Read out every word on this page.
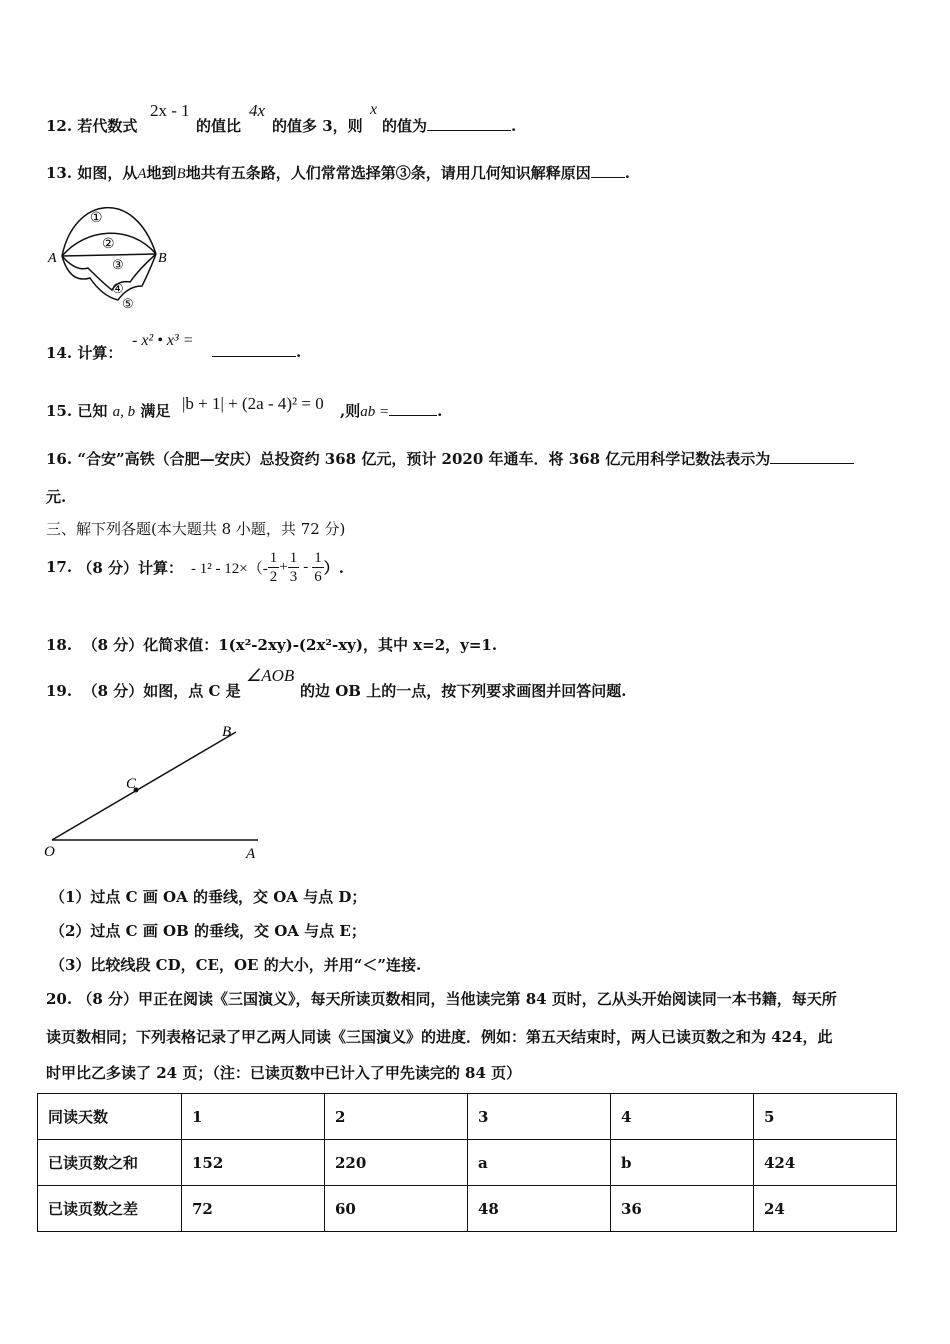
12. 若代数式
2x - 1
的值比
4x
的值多 3，则
x
的值为	.
13. 如图，从A地到B地共有五条路，人们常常选择第③条，请用几何知识解释原因 .
A	B
①
②
③
④
⑤
14. 计算：
- x² • x³ =
.
15. 已知 a, b 满足 |b + 1| + (2a - 4)² = 0 ,则ab =	.
16. “合安”高铁（合肥—安庆）总投资约 368 亿元，预计 2020 年通车．将 368 亿元用科学记数法表示为
元.
三、解下列各题(本大题共 8 小题，共 72 分)
17.
（8 分） 计算： - $1^2 - 12\times(- \frac{1}{2} + \frac{1}{3} - \frac{1}{6}$ ）.
18. （8 分）化简求值：1(x²-2xy)-(2x²-xy)，其中 x=2，y=1.
19. （8 分）如图，点 C 是
∠AOB
的边 OB 上的一点，按下列要求画图并回答问题.
O	A
B
C
（1）过点 C 画 OA 的垂线，交 OA 与点 D；
（2）过点 C 画 OB 的垂线，交 OA 与点 E；
（3）比较线段 CD，CE，OE 的大小，并用“＜”连接.
20. （8 分）甲正在阅读《三国演义》，每天所读页数相同，当他读完第 84 页时，乙从头开始阅读同一本书籍，每天所
读页数相同；下列表格记录了甲乙两人同读《三国演义》的进度．例如：第五天结束时，两人已读页数之和为 424，此
时甲比乙多读了 24 页；（注：已读页数中已计入了甲先读完的 84 页）
同读天数	1	2	3	4	5
已读页数之和	152	220	a	b	424
已读页数之差	72	60	48	36	24
